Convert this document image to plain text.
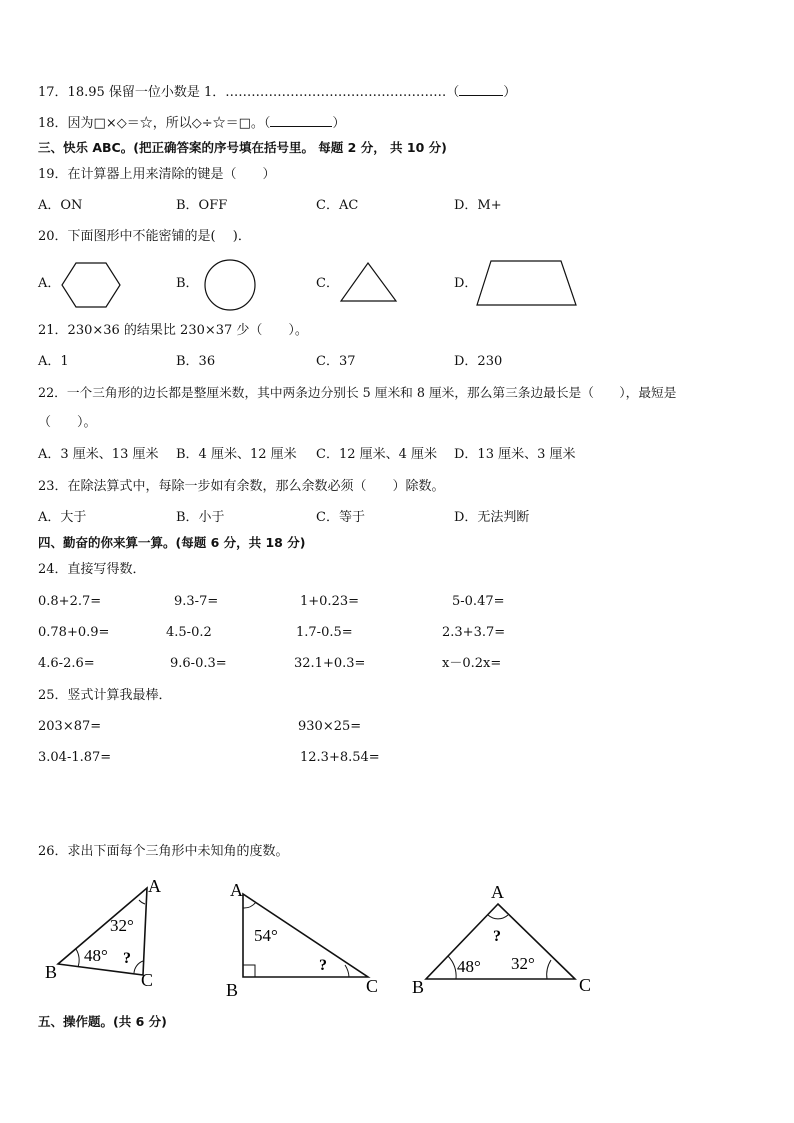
17．18.95 保留一位小数是 1．……………………………………………（	）
18．因为□×◇＝☆，所以◇÷☆＝□。（	）
三、快乐 ABC。(把正确答案的序号填在括号里。 每题 2 分， 共 10 分)
19．在计算器上用来清除的键是（　　）
A．ON	B．OFF	C．AC	D．M+
20．下面图形中不能密铺的是(　 )．
A．	B．	C．	D．
21．230×36 的结果比 230×37 少（　　）。
A．1	B．36	C．37	D．230
22．一个三角形的边长都是整厘米数，其中两条边分别长 5 厘米和 8 厘米，那么第三条边最长是（　　），最短是
（　　）。
A．3 厘米、13 厘米 B．4 厘米、12 厘米 C．12 厘米、4 厘米 D．13 厘米、3 厘米
23．在除法算式中，每除一步如有余数，那么余数必须（　　）除数。
A．大于	B．小于	C．等于	D．无法判断
四、勤奋的你来算一算。(每题 6 分，共 18 分)
24．直接写得数．
0.8+2.7=	9.3-7=	1+0.23=	5-0.47=
0.78+0.9=	4.5-0.2	1.7-0.5=	2.3+3.7=
4.6-2.6=	9.6-0.3=	32.1+0.3=	x－0.2x=
25．竖式计算我最棒．
203×87=	930×25=
3.04-1.87=	12.3+8.54=
26．求出下面每个三角形中未知角的度数。
A
B	C
32°
48° ?
A
B	C
54°
?
A
B	C
?
48° 32°
五、操作题。(共 6 分)
